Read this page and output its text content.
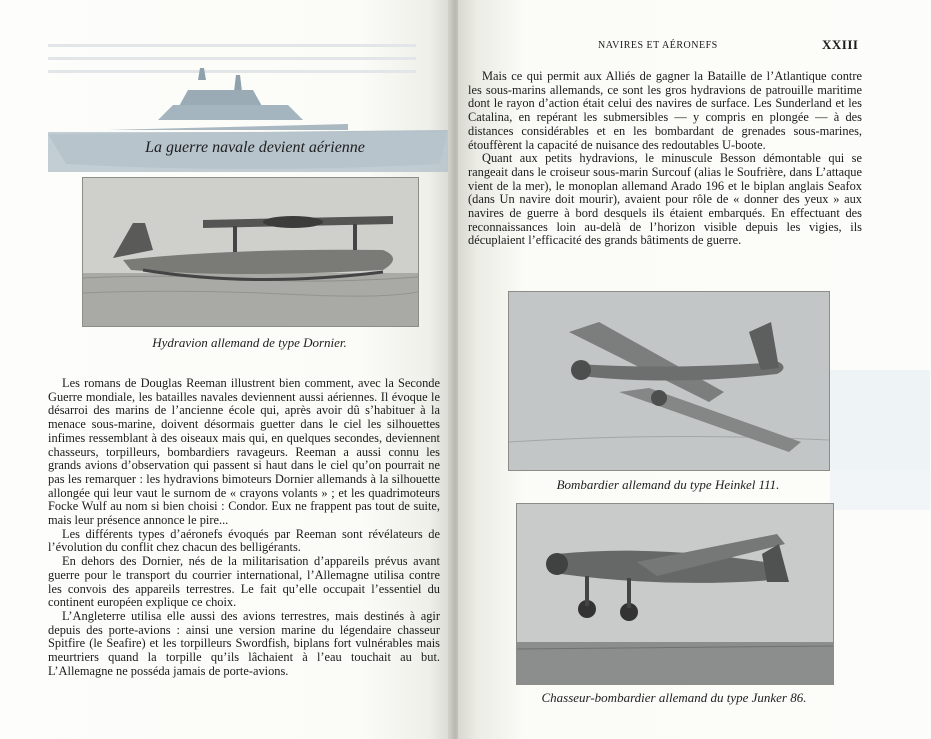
La guerre navale devient aérienne
Hydravion allemand de type Dornier.

Les romans de Douglas Reeman illustrent bien comment, avec la Seconde Guerre mondiale, les batailles navales deviennent aussi aériennes. Il évoque le désarroi des marins de l’ancienne école qui, après avoir dû s’habituer à la menace sous-marine, doivent désormais guetter dans le ciel les silhouettes infimes ressemblant à des oiseaux mais qui, en quelques secondes, deviennent chasseurs, torpilleurs, bombardiers ravageurs. Reeman a aussi connu les grands avions d’observation qui passent si haut dans le ciel qu’on pourrait ne pas les remarquer : les hydravions bimoteurs Dornier allemands à la silhouette allongée qui leur vaut le surnom de « crayons volants » ; et les quadrimoteurs Focke Wulf au nom si bien choisi : Condor. Eux ne frappent pas tout de suite, mais leur présence annonce le pire...

Les différents types d’aéronefs évoqués par Reeman sont révélateurs de l’évolution du conflit chez chacun des belligérants.

En dehors des Dornier, nés de la militarisation d’appareils prévus avant guerre pour le transport du courrier international, l’Allemagne utilisa contre les convois des appareils terrestres. Le fait qu’elle occupait l’essentiel du continent européen explique ce choix.

L’Angleterre utilisa elle aussi des avions terrestres, mais destinés à agir depuis des porte-avions : ainsi une version marine du légendaire chasseur Spitfire (le Seafire) et les torpilleurs Swordfish, biplans fort vulnérables mais meurtriers quand la torpille qu’ils lâchaient à l’eau touchait au but. L’Allemagne ne posséda jamais de porte-avions.

NAVIRES ET AÉRONEFS	XXIII

Mais ce qui permit aux Alliés de gagner la Bataille de l’Atlantique contre les sous-marins allemands, ce sont les gros hydravions de patrouille maritime dont le rayon d’action était celui des navires de surface. Les Sunderland et les Catalina, en repérant les submersibles — y compris en plongée — à des distances considérables et en les bombardant de grenades sous-marines, étouffèrent la capacité de nuisance des redoutables U-boote.

Quant aux petits hydravions, le minuscule Besson démontable qui se rangeait dans le croiseur sous-marin Surcouf (alias le Soufrière, dans L’attaque vient de la mer), le monoplan allemand Arado 196 et le biplan anglais Seafox (dans Un navire doit mourir), avaient pour rôle de « donner des yeux » aux navires de guerre à bord desquels ils étaient embarqués. En effectuant des reconnaissances loin au-delà de l’horizon visible depuis les vigies, ils décuplaient l’efficacité des grands bâtiments de guerre.

Bombardier allemand du type Heinkel 111.
Chasseur-bombardier allemand du type Junker 86.
